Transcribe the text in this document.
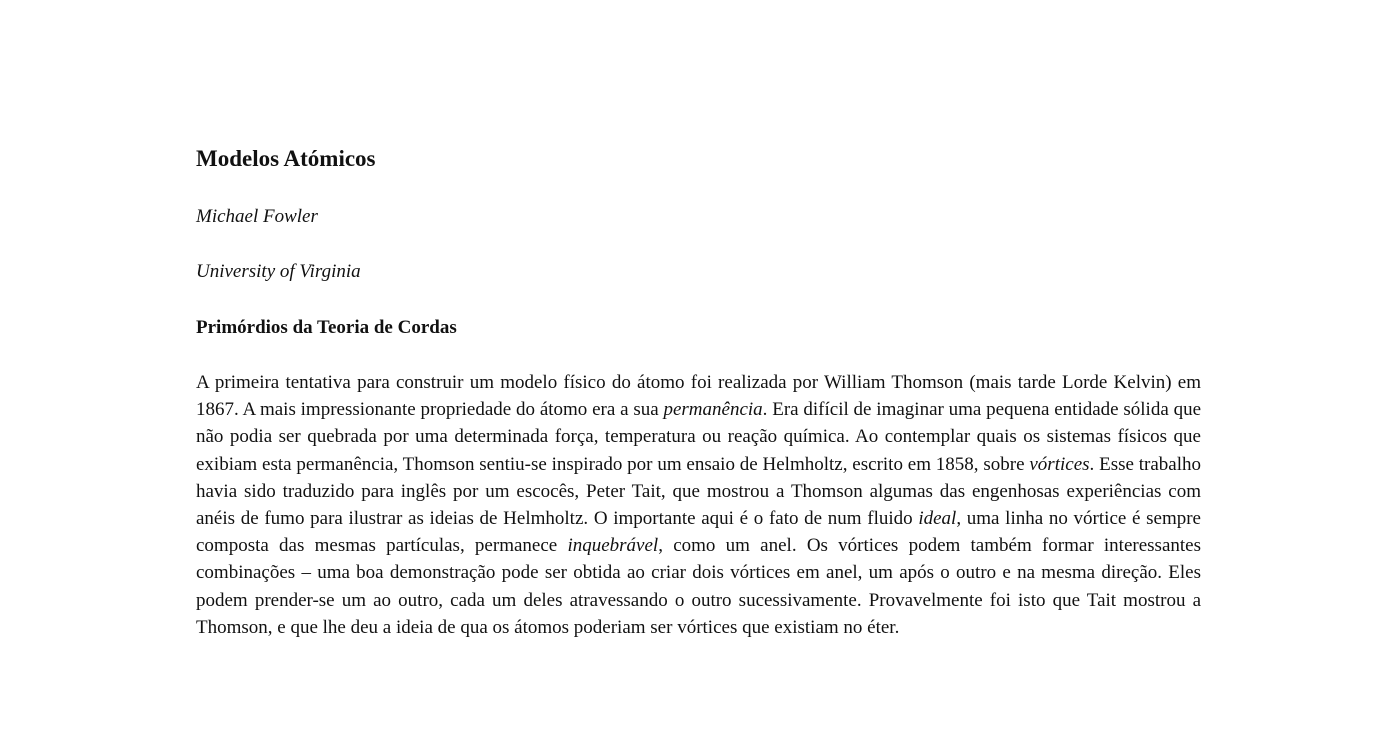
Modelos Atómicos

Michael Fowler

University of Virginia

Primórdios da Teoria de Cordas

A primeira tentativa para construir um modelo físico do átomo foi realizada por William Thomson (mais tarde Lorde Kelvin) em 1867. A mais impressionante propriedade do átomo era a sua permanência. Era difícil de imaginar uma pequena entidade sólida que não podia ser quebrada por uma determinada força, temperatura ou reação química. Ao contemplar quais os sistemas físicos que exibiam esta permanência, Thomson sentiu-se inspirado por um ensaio de Helmholtz, escrito em 1858, sobre vórtices. Esse trabalho havia sido traduzido para inglês por um escocês, Peter Tait, que mostrou a Thomson algumas das engenhosas experiências com anéis de fumo para ilustrar as ideias de Helmholtz. O importante aqui é o fato de num fluido ideal, uma linha no vórtice é sempre composta das mesmas partículas, permanece inquebrável, como um anel. Os vórtices podem também formar interessantes combinações – uma boa demonstração pode ser obtida ao criar dois vórtices em anel, um após o outro e na mesma direção. Eles podem prender-se um ao outro, cada um deles atravessando o outro sucessivamente. Provavelmente foi isto que Tait mostrou a Thomson, e que lhe deu a ideia de qua os átomos poderiam ser vórtices que existiam no éter.
